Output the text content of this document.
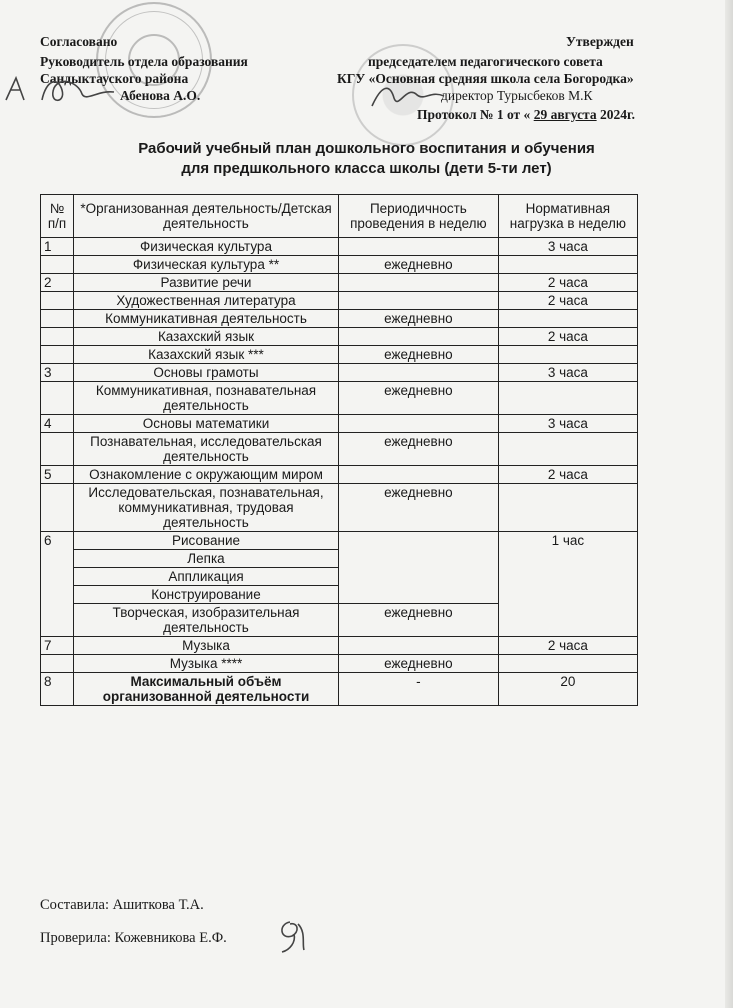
Согласовано
Руководитель отдела образования
Сандыктауского района
Абенова А.О.
Утвержден
председателем педагогического совета
КГУ «Основная средняя школа села Богородка»
директор Турысбеков М.К
Протокол № 1 от « 29 августа 2024г.
Рабочий учебный план дошкольного воспитания и обучения
для предшкольного класса школы (дети 5-ти лет)
№ п/п	*Организованная деятельность/Детская деятельность	Периодичность проведения в неделю	Нормативная нагрузка в неделю
1	Физическая культура		3 часа
	Физическая культура **	ежедневно	
2	Развитие речи		2 часа
	Художественная литература		2 часа
	Коммуникативная деятельность	ежедневно	
	Казахский язык		2 часа
	Казахский язык ***	ежедневно	
3	Основы грамоты		3 часа
	Коммуникативная, познавательная деятельность	ежедневно	
4	Основы математики		3 часа
	Познавательная, исследовательская деятельность	ежедневно	
5	Ознакомление с окружающим миром		2 часа
	Исследовательская, познавательная, коммуникативная, трудовая деятельность	ежедневно	
6	Рисование		1 час
	Лепка		
	Аппликация		
	Конструирование		
	Творческая, изобразительная деятельность	ежедневно	
7	Музыка		2 часа
	Музыка ****	ежедневно	
8	Максимальный объём организованной деятельности	-	20
Составила: Ашиткова Т.А.
Проверила: Кожевникова Е.Ф.
